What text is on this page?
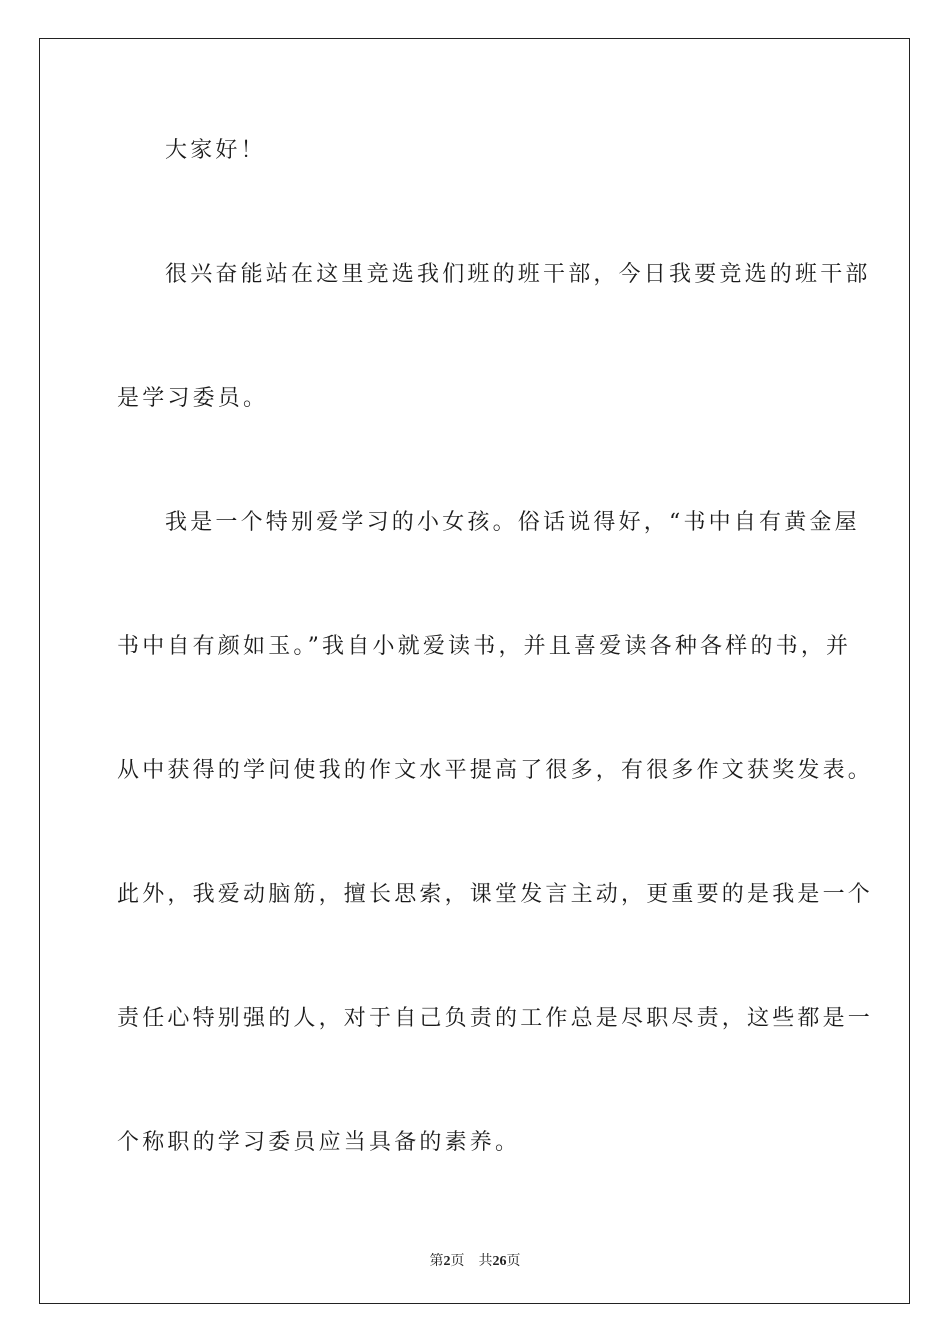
大家好！
很兴奋能站在这里竞选我们班的班干部，今日我要竞选的班干部
是学习委员。
我是一个特别爱学习的小女孩。俗话说得好，“书中自有黄金屋
书中自有颜如玉。”我自小就爱读书，并且喜爱读各种各样的书，并
从中获得的学问使我的作文水平提高了很多，有很多作文获奖发表。
此外，我爱动脑筋，擅长思索，课堂发言主动，更重要的是我是一个
责任心特别强的人，对于自己负责的工作总是尽职尽责，这些都是一
个称职的学习委员应当具备的素养。
第2页 共26页
